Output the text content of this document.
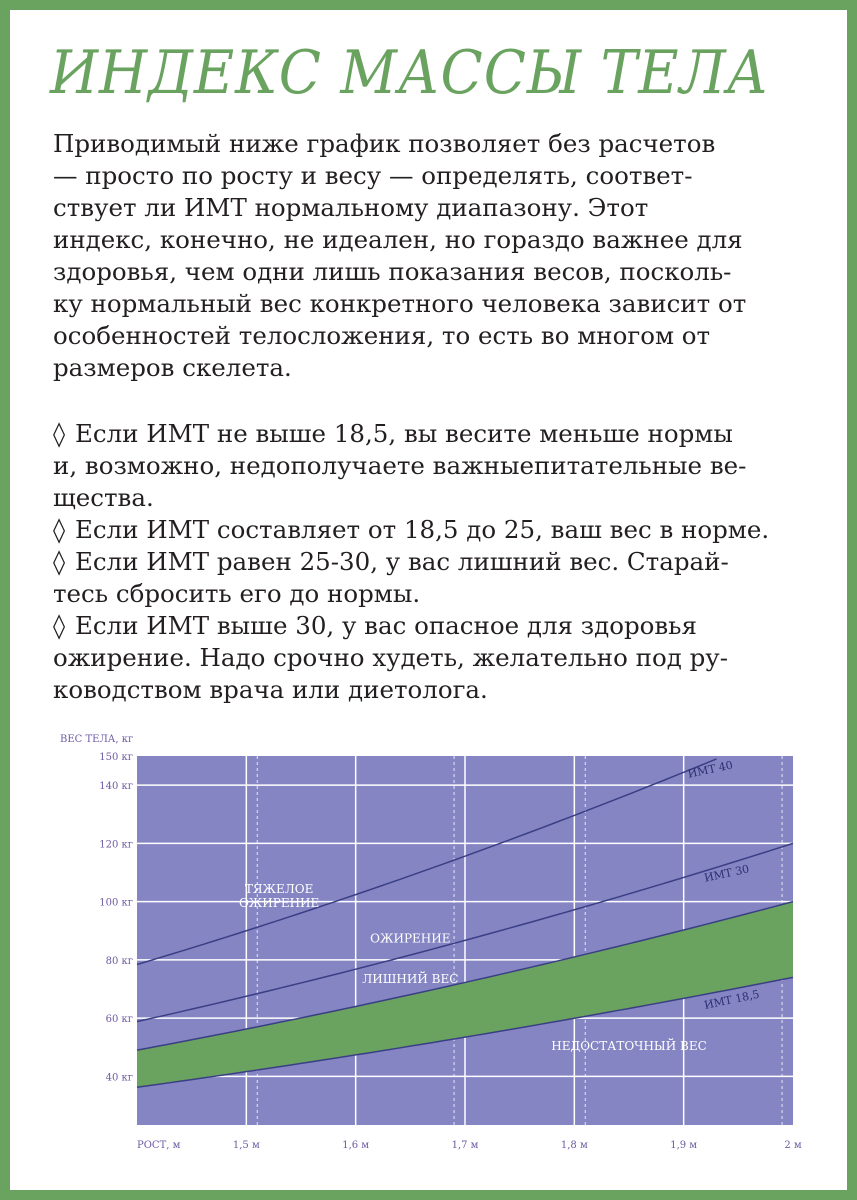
ИНДЕКС МАССЫ ТЕЛА
Приводимый ниже график позволяет без расчетов
— просто по росту и весу — определять, соответ-
ствует ли ИМТ нормальному диапазону. Этот
индекс, конечно, не идеален, но гораздо важнее для
здоровья, чем одни лишь показания весов, посколь-
ку нормальный вес конкретного человека зависит от
особенностей телосложения, то есть во многом от
размеров скелета.
◊ Если ИМТ не выше 18,5, вы весите меньше нормы
и, возможно, недополучаете важныепитательные ве-
щества.
◊ Если ИМТ составляет от 18,5 до 25, ваш вес в норме.
◊ Если ИМТ равен 25-30, у вас лишний вес. Старай-
тесь сбросить его до нормы.
◊ Если ИМТ выше 30, у вас опасное для здоровья
ожирение. Надо срочно худеть, желательно под ру-
ководством врача или диетолога.
ИМТ 40
ИМТ 30
ИМТ 18,5
ТЯЖЕЛОЕ
ОЖИРЕНИЕ
ОЖИРЕНИЕ
ЛИШНИЙ ВЕС
НЕДОСТАТОЧНЫЙ ВЕС
ВЕС ТЕЛА, кг
150 кг
140 кг
120 кг
100 кг
80 кг
60 кг
40 кг
РОСТ, м	1,5 м	1,6 м	1,7 м	1,8 м	1,9 м	2 м
